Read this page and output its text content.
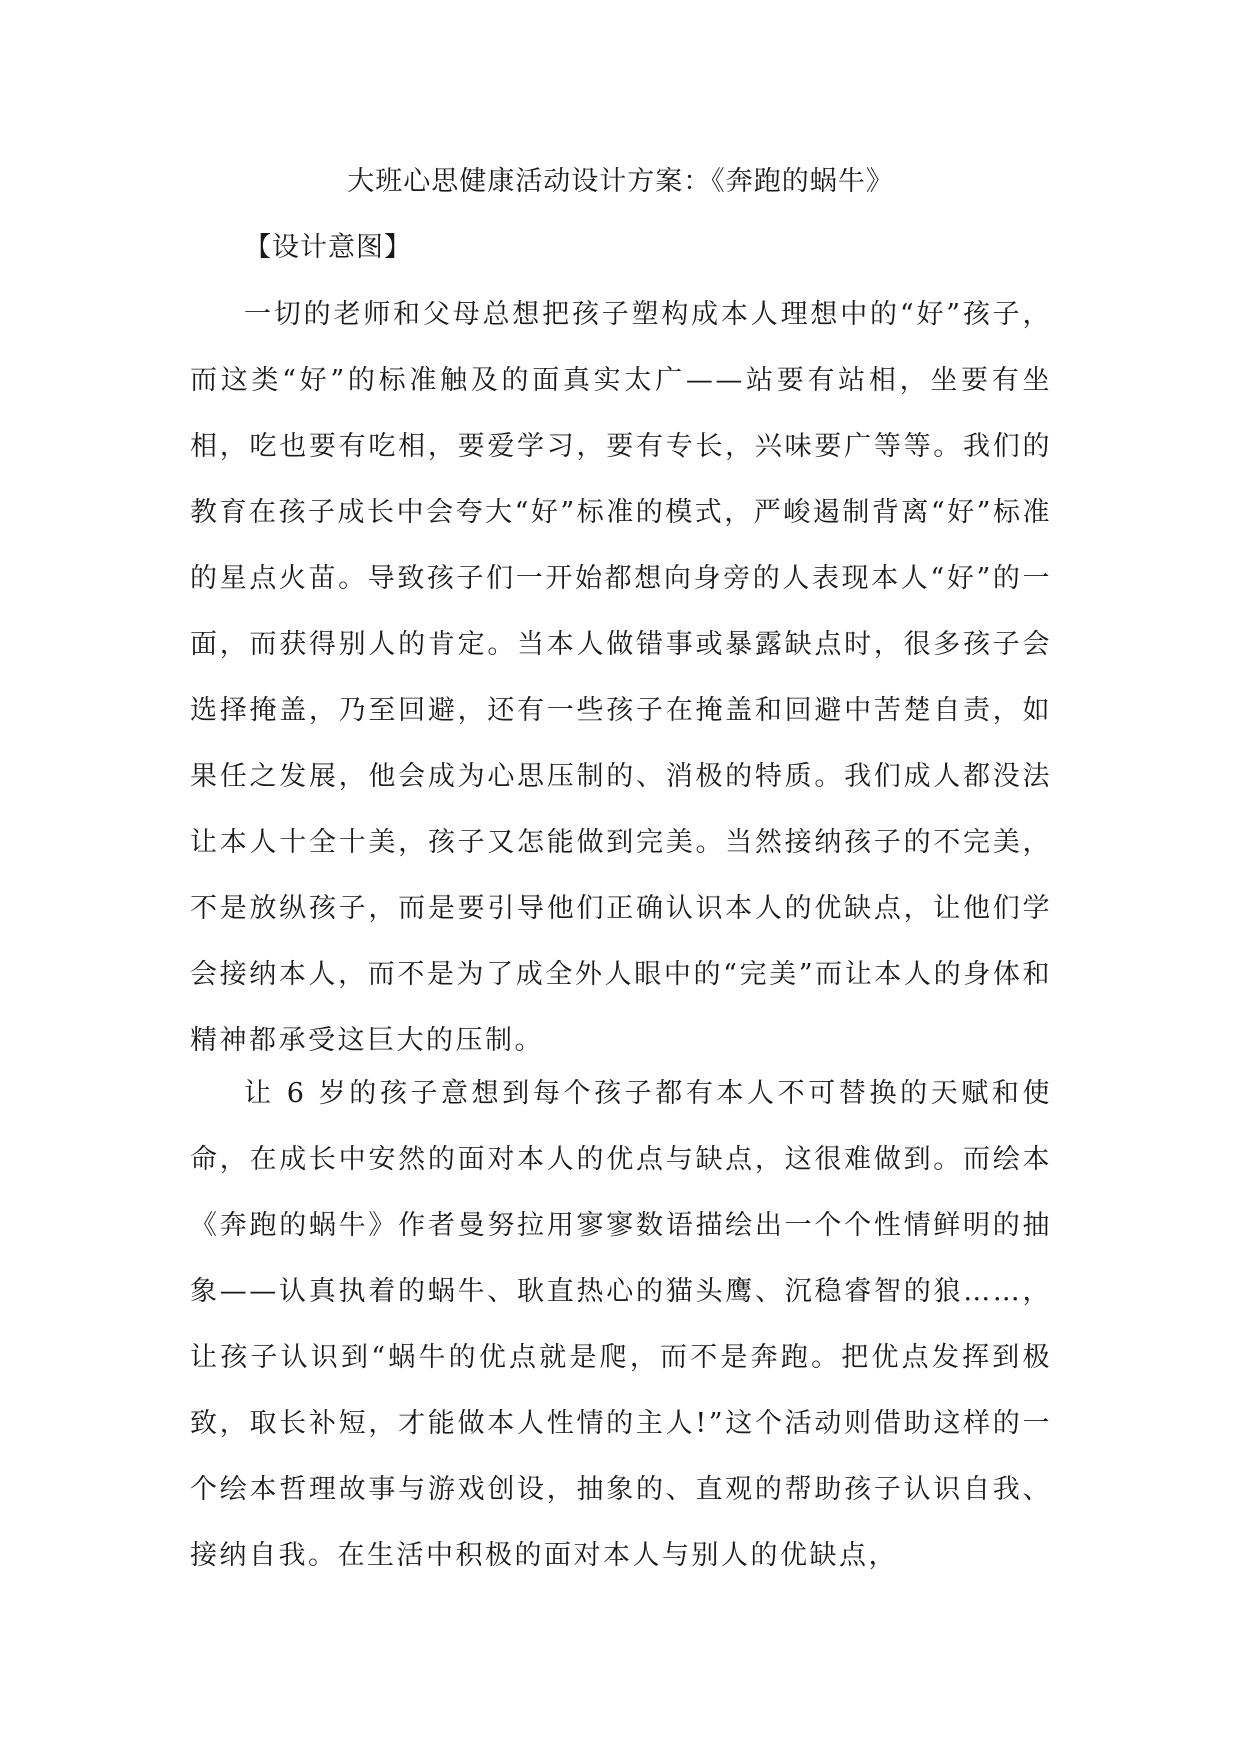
大班心思健康活动设计方案：《奔跑的蜗牛》
【设计意图】

一切的老师和父母总想把孩子塑构成本人理想中的“好”孩子，而这类“好”的标准触及的面真实太广——站要有站相，坐要有坐相，吃也要有吃相，要爱学习，要有专长，兴味要广等等。我们的教育在孩子成长中会夸大“好”标准的模式，严峻遏制背离“好”标准的星点火苗。导致孩子们一开始都想向身旁的人表现本人“好”的一面，而获得别人的肯定。当本人做错事或暴露缺点时，很多孩子会选择掩盖，乃至回避，还有一些孩子在掩盖和回避中苦楚自责，如果任之发展，他会成为心思压制的、消极的特质。我们成人都没法让本人十全十美，孩子又怎能做到完美。当然接纳孩子的不完美，不是放纵孩子，而是要引导他们正确认识本人的优缺点，让他们学会接纳本人，而不是为了成全外人眼中的“完美”而让本人的身体和精神都承受这巨大的压制。

让 6 岁的孩子意想到每个孩子都有本人不可替换的天赋和使命，在成长中安然的面对本人的优点与缺点，这很难做到。而绘本《奔跑的蜗牛》作者曼努拉用寥寥数语描绘出一个个性情鲜明的抽象——认真执着的蜗牛、耿直热心的猫头鹰、沉稳睿智的狼……，让孩子认识到“蜗牛的优点就是爬，而不是奔跑。把优点发挥到极致，取长补短，才能做本人性情的主人!”这个活动则借助这样的一个绘本哲理故事与游戏创设，抽象的、直观的帮助孩子认识自我、接纳自我。在生活中积极的面对本人与别人的优缺点，
